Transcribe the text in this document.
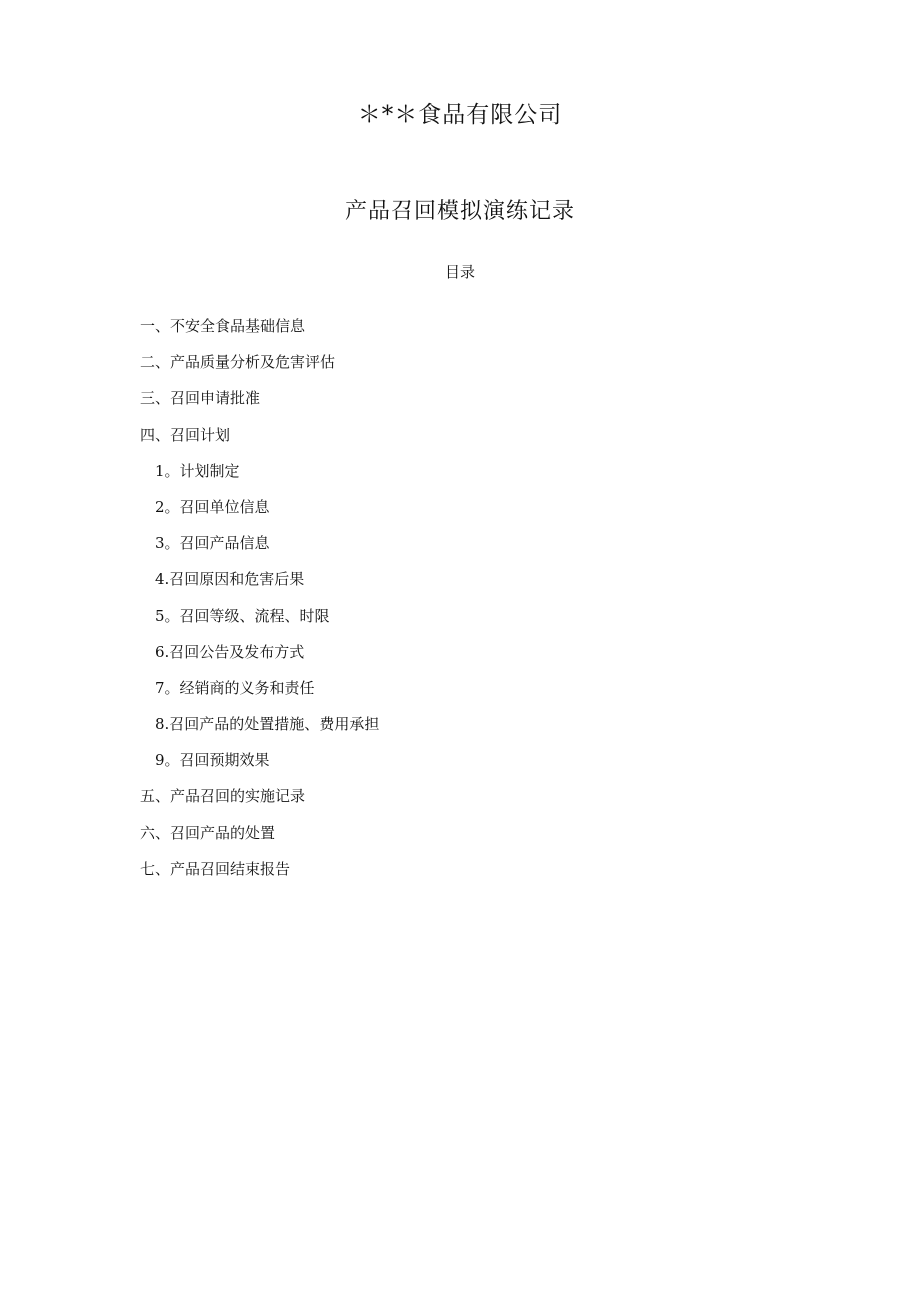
＊*＊食品有限公司
产品召回模拟演练记录
目录
一、不安全食品基础信息
二、产品质量分析及危害评估
三、召回申请批准
四、召回计划
1。计划制定
2。召回单位信息
3。召回产品信息
4.召回原因和危害后果
5。召回等级、流程、时限
6.召回公告及发布方式
7。经销商的义务和责任
8.召回产品的处置措施、费用承担
9。召回预期效果
五、产品召回的实施记录
六、召回产品的处置
七、产品召回结束报告
